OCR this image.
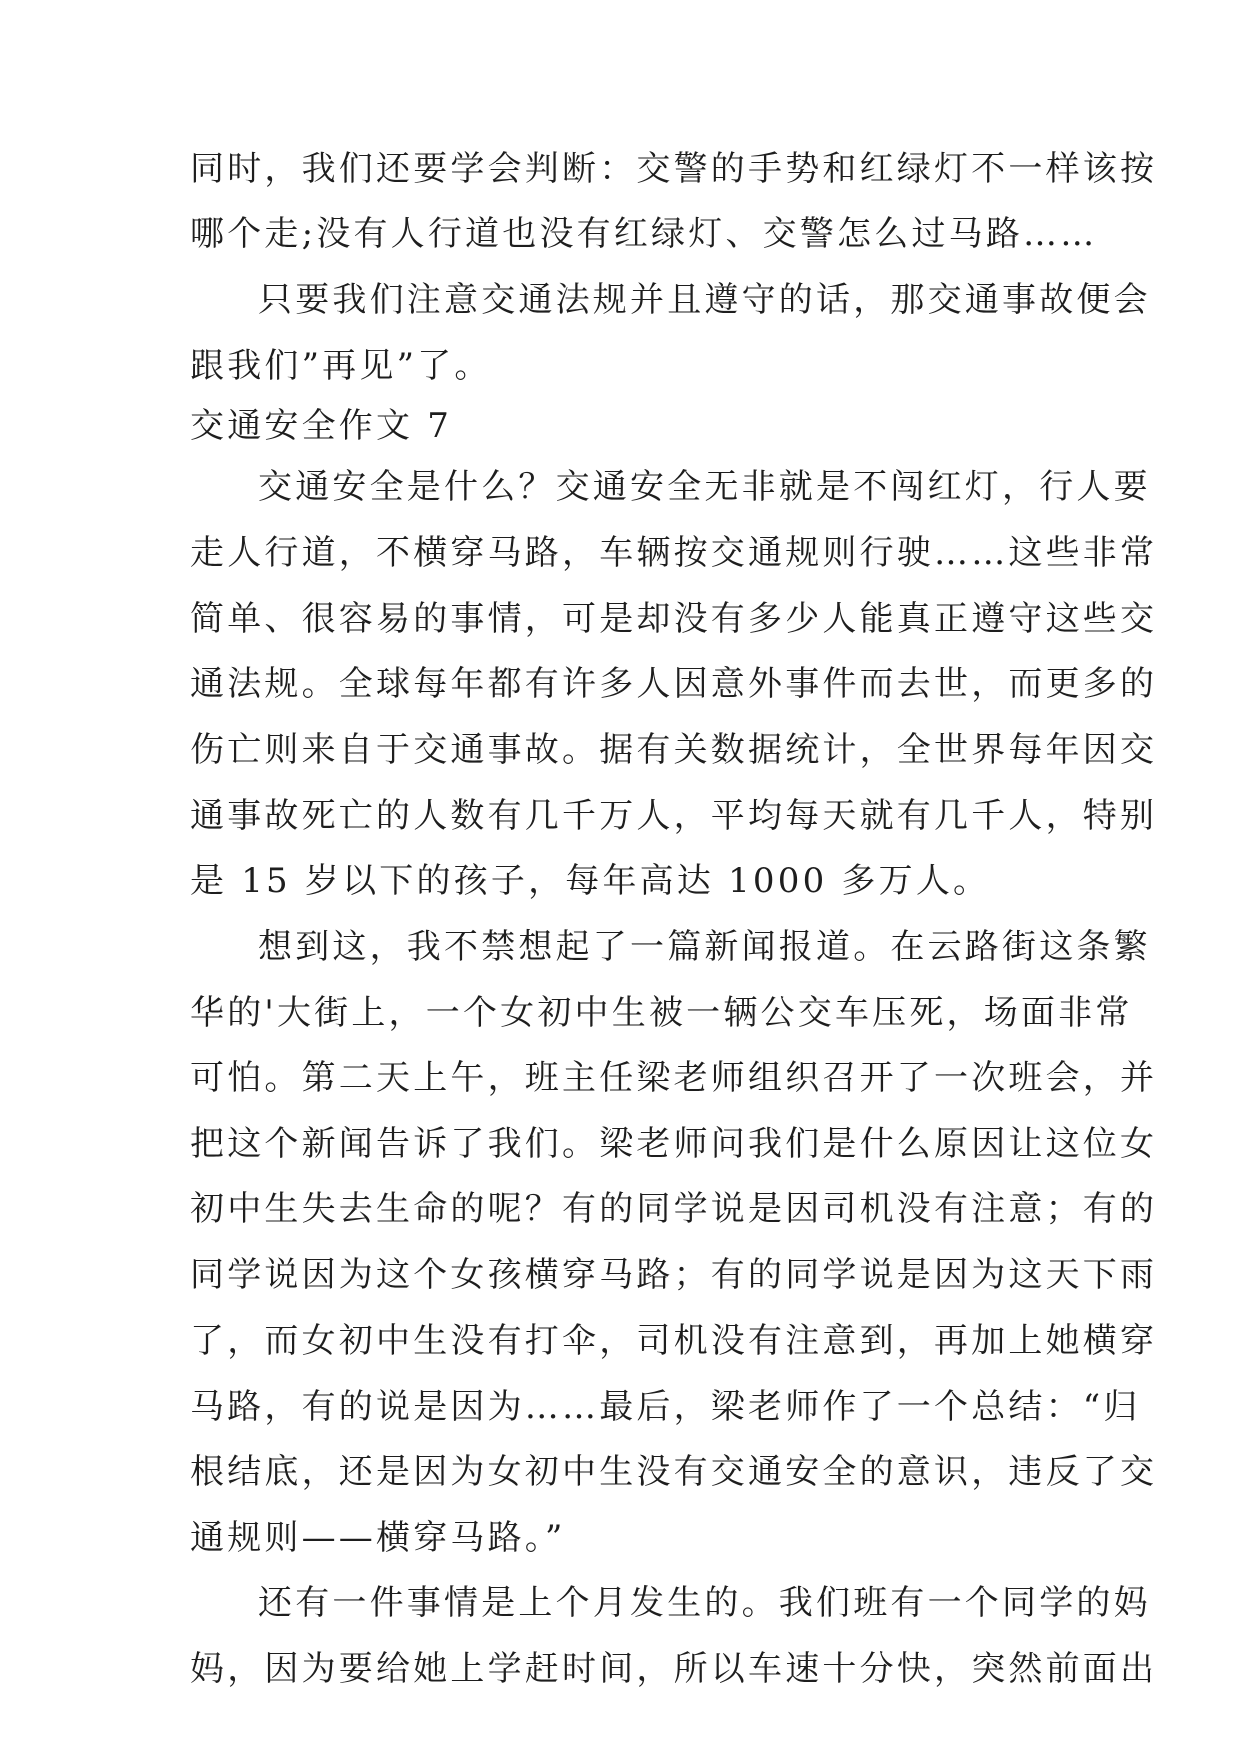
同时，我们还要学会判断：交警的手势和红绿灯不一样该按
哪个走;没有人行道也没有红绿灯、交警怎么过马路……
只要我们注意交通法规并且遵守的话，那交通事故便会
跟我们”再见”了。
交通安全作文 7
交通安全是什么？交通安全无非就是不闯红灯，行人要
走人行道，不横穿马路，车辆按交通规则行驶……这些非常
简单、很容易的事情，可是却没有多少人能真正遵守这些交
通法规。全球每年都有许多人因意外事件而去世，而更多的
伤亡则来自于交通事故。据有关数据统计，全世界每年因交
通事故死亡的人数有几千万人，平均每天就有几千人，特别
是 15 岁以下的孩子，每年高达 1000 多万人。
想到这，我不禁想起了一篇新闻报道。在云路街这条繁
华的'大街上，一个女初中生被一辆公交车压死，场面非常
可怕。第二天上午，班主任梁老师组织召开了一次班会，并
把这个新闻告诉了我们。梁老师问我们是什么原因让这位女
初中生失去生命的呢？有的同学说是因司机没有注意；有的
同学说因为这个女孩横穿马路；有的同学说是因为这天下雨
了，而女初中生没有打伞，司机没有注意到，再加上她横穿
马路，有的说是因为……最后，梁老师作了一个总结：“归
根结底，还是因为女初中生没有交通安全的意识，违反了交
通规则——横穿马路。”
还有一件事情是上个月发生的。我们班有一个同学的妈
妈，因为要给她上学赶时间，所以车速十分快，突然前面出
